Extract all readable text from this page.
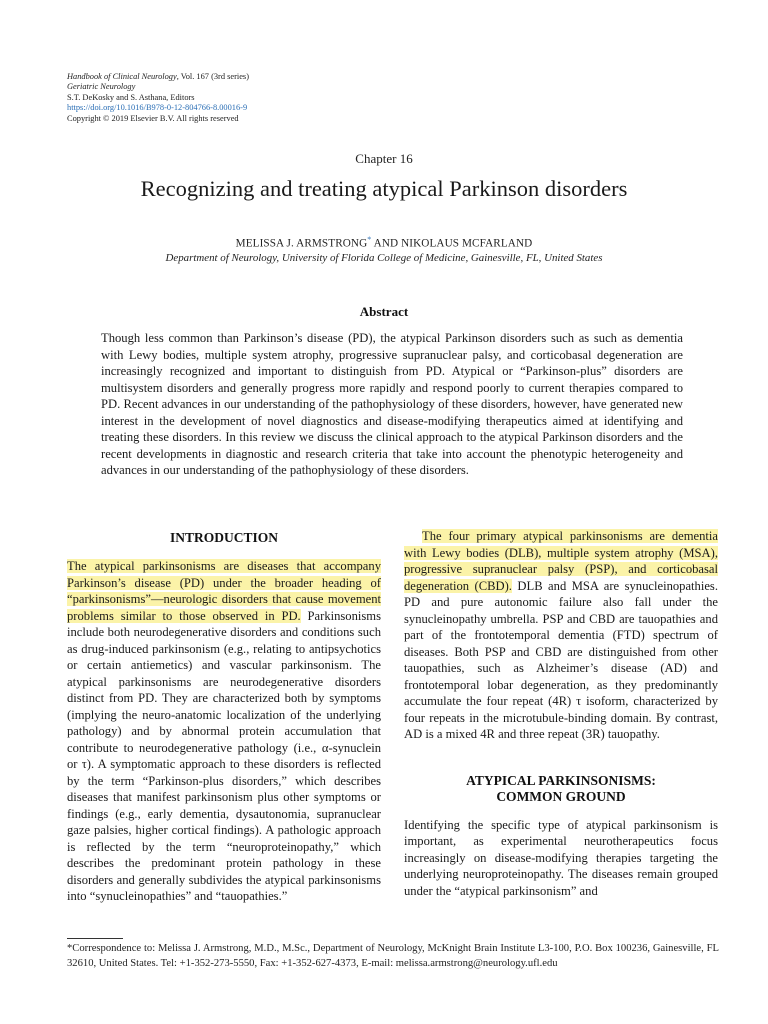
Handbook of Clinical Neurology, Vol. 167 (3rd series)
Geriatric Neurology
S.T. DeKosky and S. Asthana, Editors
https://doi.org/10.1016/B978-0-12-804766-8.00016-9
Copyright © 2019 Elsevier B.V. All rights reserved
Chapter 16
Recognizing and treating atypical Parkinson disorders
MELISSA J. ARMSTRONG* AND NIKOLAUS MCFARLAND
Department of Neurology, University of Florida College of Medicine, Gainesville, FL, United States
Abstract
Though less common than Parkinson’s disease (PD), the atypical Parkinson disorders such as such as dementia with Lewy bodies, multiple system atrophy, progressive supranuclear palsy, and corticobasal degeneration are increasingly recognized and important to distinguish from PD. Atypical or “Parkinson-plus” disorders are multisystem disorders and generally progress more rapidly and respond poorly to current therapies compared to PD. Recent advances in our understanding of the pathophysiology of these disorders, however, have generated new interest in the development of novel diagnostics and disease-modifying therapeutics aimed at identifying and treating these disorders. In this review we discuss the clinical approach to the atypical Parkinson disorders and the recent developments in diagnostic and research criteria that take into account the phenotypic heterogeneity and advances in our understanding of the pathophysiology of these disorders.
INTRODUCTION

The atypical parkinsonisms are diseases that accompany Parkinson’s disease (PD) under the broader heading of “parkinsonisms”—neurologic disorders that cause movement problems similar to those observed in PD. Parkinsonisms include both neurodegenerative disorders and conditions such as drug-induced parkinsonism (e.g., relating to antipsychotics or certain antiemetics) and vascular parkinsonism. The atypical parkinsonisms are neurodegenerative disorders distinct from PD. They are characterized both by symptoms (implying the neuro-anatomic localization of the underlying pathology) and by abnormal protein accumulation that contribute to neurodegenerative pathology (i.e., α-synuclein or τ). A symptomatic approach to these disorders is reflected by the term “Parkinson-plus disorders,” which describes diseases that manifest parkinsonism plus other symptoms or findings (e.g., early dementia, dysautonomia, supranuclear gaze palsies, higher cortical findings). A pathologic approach is reflected by the term “neuroproteinopathy,” which describes the predominant protein pathology in these disorders and generally subdivides the atypical parkinsonisms into “synucleinopathies” and “tauopathies.”

The four primary atypical parkinsonisms are dementia with Lewy bodies (DLB), multiple system atrophy (MSA), progressive supranuclear palsy (PSP), and corticobasal degeneration (CBD). DLB and MSA are synucleinopathies. PD and pure autonomic failure also fall under the synucleinopathy umbrella. PSP and CBD are tauopathies and part of the frontotemporal dementia (FTD) spectrum of diseases. Both PSP and CBD are distinguished from other tauopathies, such as Alzheimer’s disease (AD) and frontotemporal lobar degeneration, as they predominantly accumulate the four repeat (4R) τ isoform, characterized by four repeats in the microtubule-binding domain. By contrast, AD is a mixed 4R and three repeat (3R) tauopathy.

ATYPICAL PARKINSONISMS:
COMMON GROUND

Identifying the specific type of atypical parkinsonism is important, as experimental neurotherapeutics focus increasingly on disease-modifying therapies targeting the underlying neuroproteinopathy. The diseases remain grouped under the “atypical parkinsonism” and

*Correspondence to: Melissa J. Armstrong, M.D., M.Sc., Department of Neurology, McKnight Brain Institute L3-100, P.O. Box 100236, Gainesville, FL 32610, United States. Tel: +1-352-273-5550, Fax: +1-352-627-4373, E-mail: melissa.armstrong@neurology.ufl.edu
